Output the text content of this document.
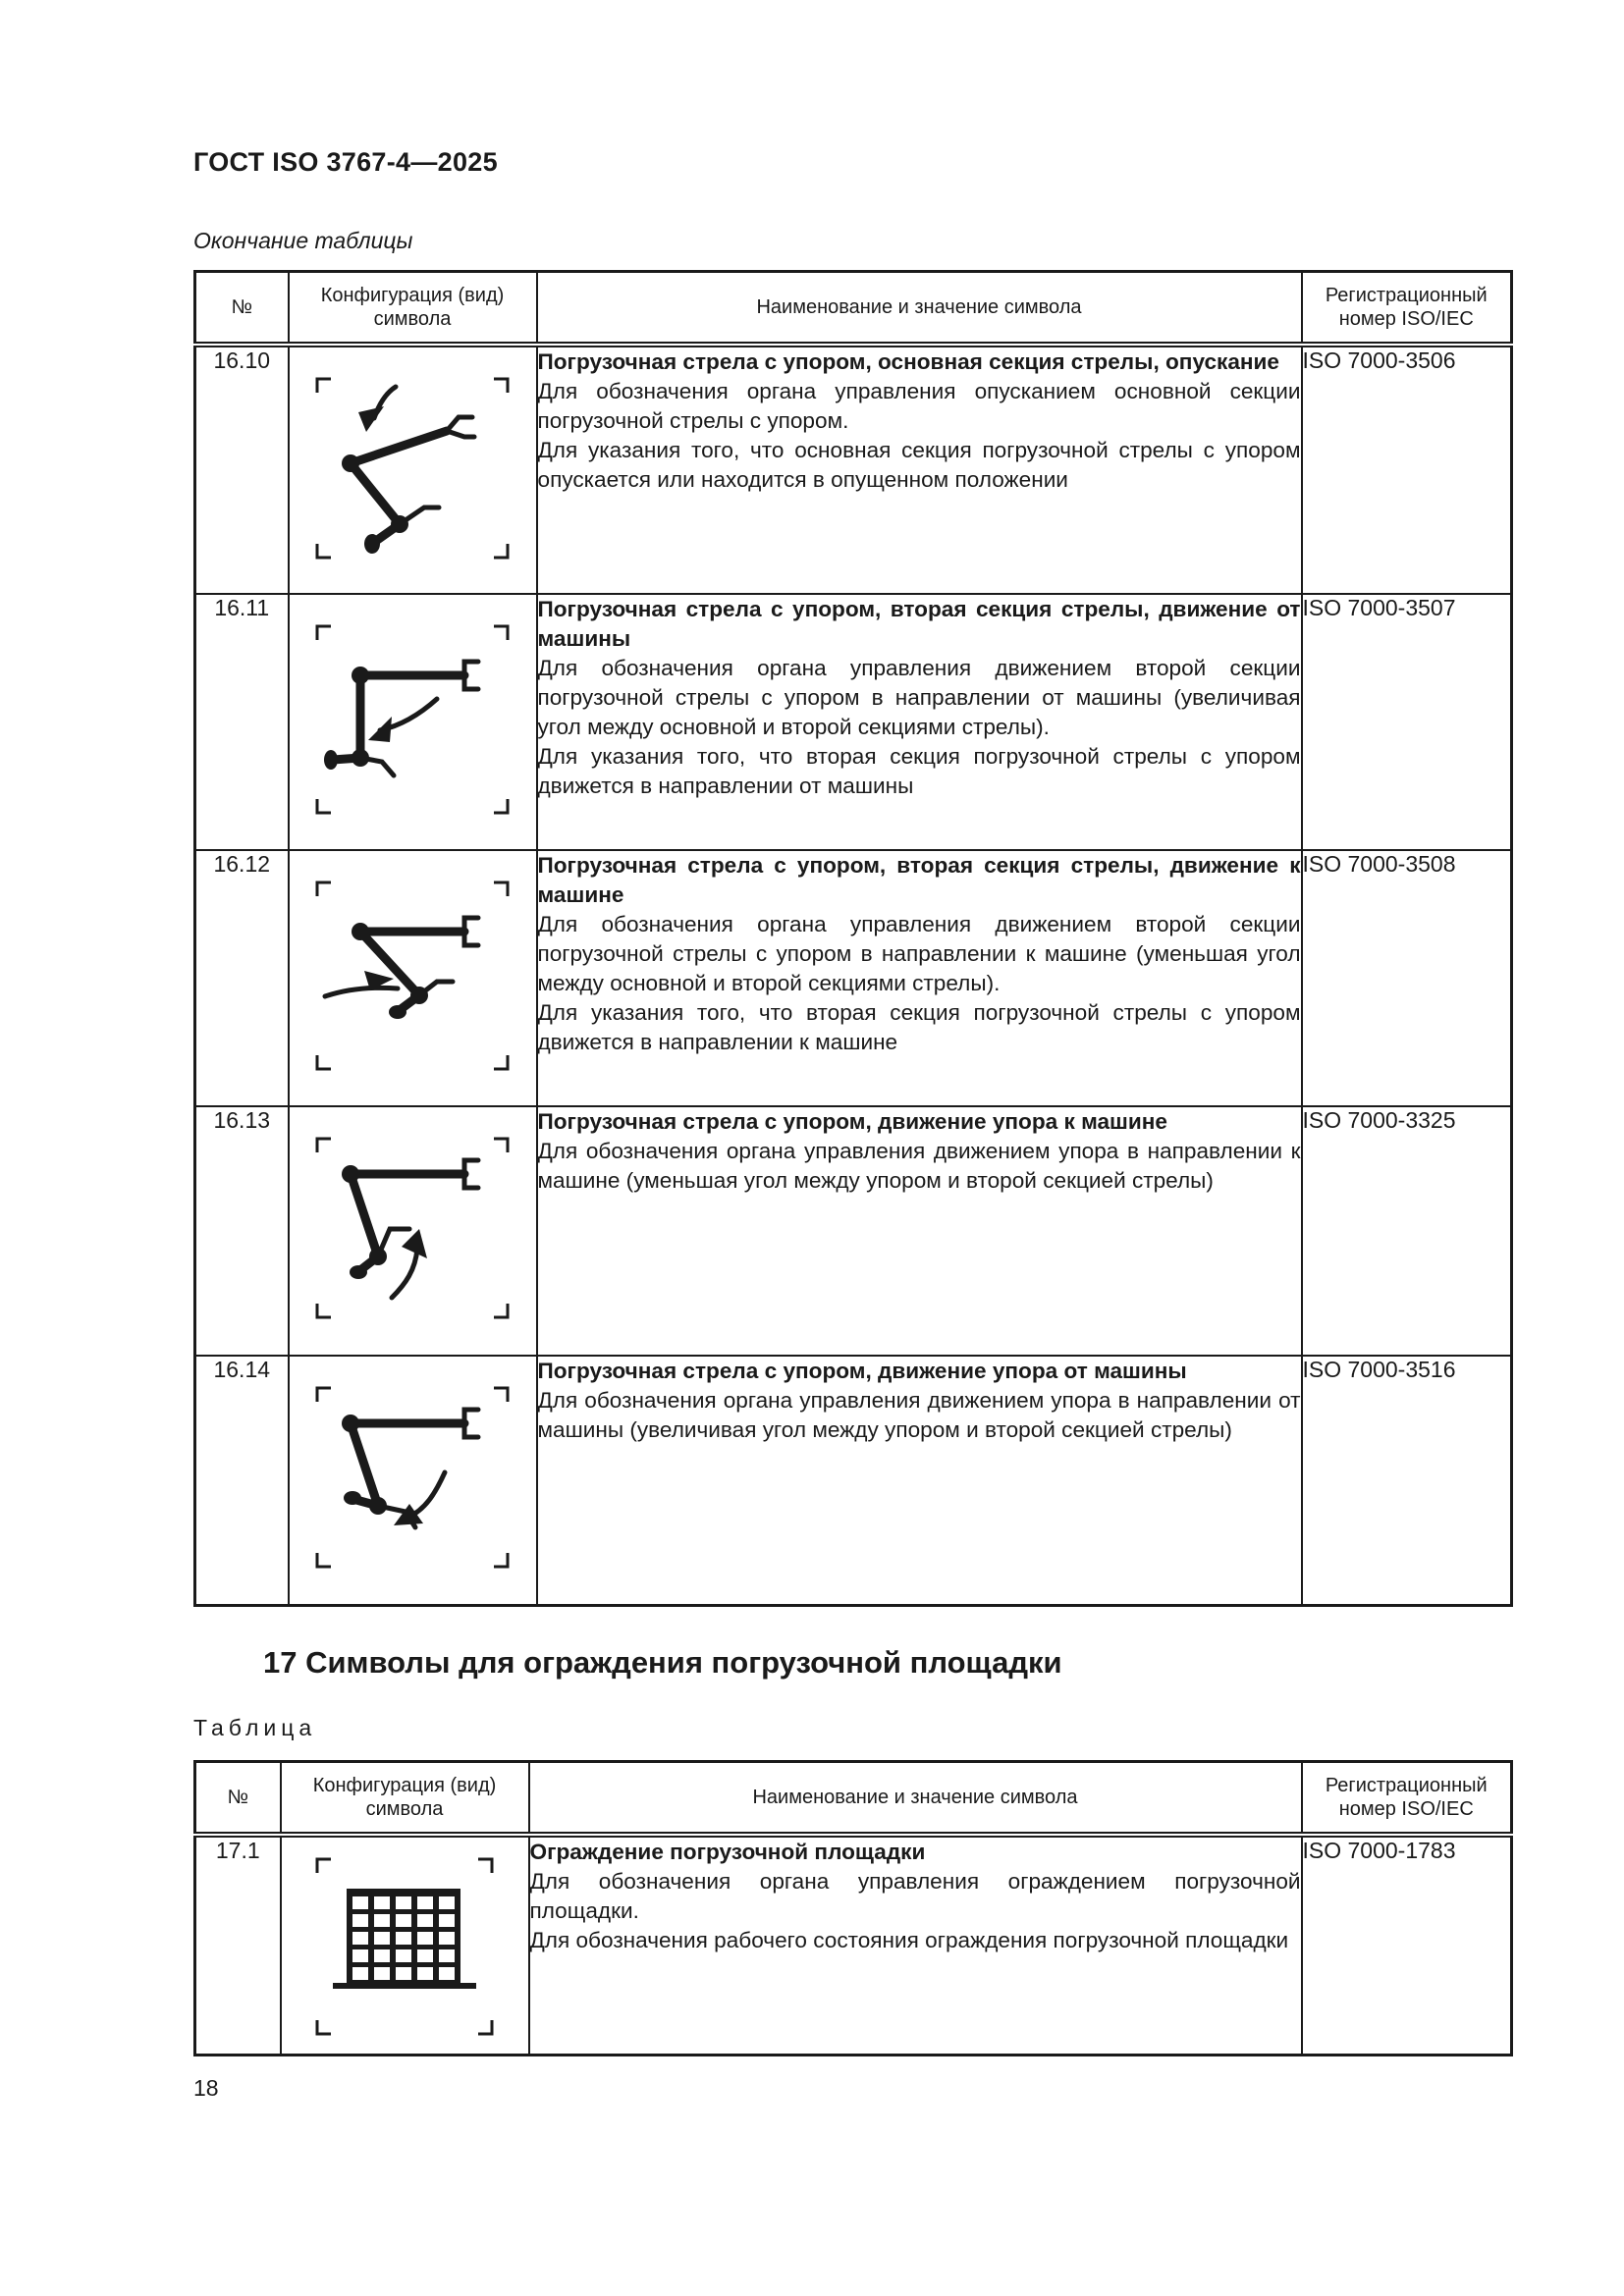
ГОСТ ISO 3767-4—2025
Окончание таблицы
№	Конфигурация (вид) символа	Наименование и значение символа	Регистрационный номер ISO/IEC
16.10		Погрузочная стрела с упором, основная секция стрелы, опускание
Для обозначения органа управления опусканием основной секции погрузочной стрелы с упором.
Для указания того, что основная секция погрузочной стрелы с упором опускается или находится в опущенном положении	ISO 7000-3506
16.11		Погрузочная стрела с упором, вторая секция стрелы, движение от машины
Для обозначения органа управления движением второй секции погрузочной стрелы с упором в направлении от машины (увеличивая угол между основной и второй секциями стрелы).
Для указания того, что вторая секция погрузочной стрелы с упором движется в направлении от машины	ISO 7000-3507
16.12		Погрузочная стрела с упором, вторая секция стрелы, движение к машине
Для обозначения органа управления движением второй секции погрузочной стрелы с упором в направлении к машине (уменьшая угол между основной и второй секциями стрелы).
Для указания того, что вторая секция погрузочной стрелы с упором движется в направлении к машине	ISO 7000-3508
16.13		Погрузочная стрела с упором, движение упора к машине
Для обозначения органа управления движением упора в направлении к машине (уменьшая угол между упором и второй секцией стрелы)	ISO 7000-3325
16.14		Погрузочная стрела с упором, движение упора от машины
Для обозначения органа управления движением упора в направлении от машины (увеличивая угол между упором и второй секцией стрелы)	ISO 7000-3516
17 Символы для ограждения погрузочной площадки
Таблица
№	Конфигурация (вид) символа	Наименование и значение символа	Регистрационный номер ISO/IEC
17.1		Ограждение погрузочной площадки
Для обозначения органа управления ограждением погрузочной площадки.
Для обозначения рабочего состояния ограждения погрузочной площадки	ISO 7000-1783
18
